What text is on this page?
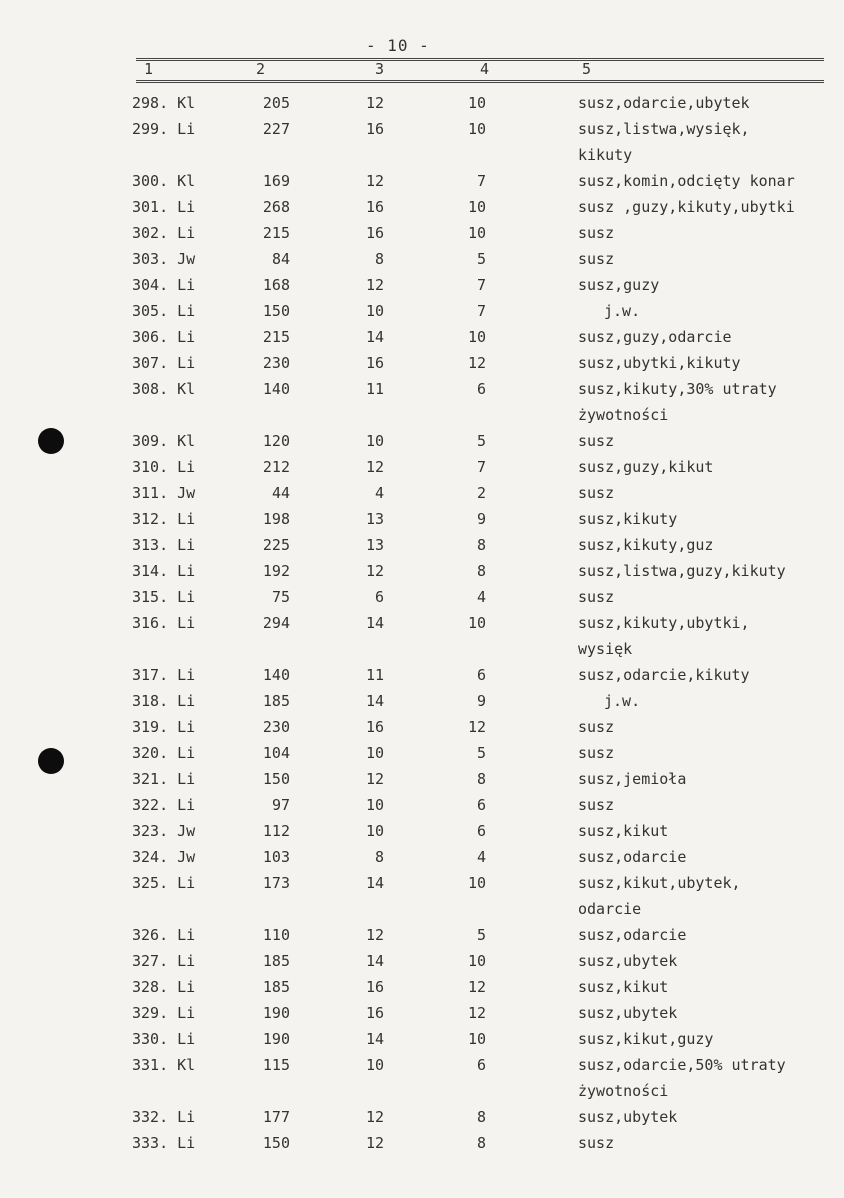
- 10 -
1	2	3	4	5
298. Kl	205	12	10	susz,odarcie,ubytek
299. Li	227	16	10	susz,listwa,wysięk,
kikuty
300. Kl	169	12	7	susz,komin,odcięty konar
301. Li	268	16	10	susz ,guzy,kikuty,ubytki
302. Li	215	16	10	susz
303. Jw	84	8	5	susz
304. Li	168	12	7	susz,guzy
305. Li	150	10	7	j.w.
306. Li	215	14	10	susz,guzy,odarcie
307. Li	230	16	12	susz,ubytki,kikuty
308. Kl	140	11	6	susz,kikuty,30% utraty
żywotności
309. Kl	120	10	5	susz
310. Li	212	12	7	susz,guzy,kikut
311. Jw	44	4	2	susz
312. Li	198	13	9	susz,kikuty
313. Li	225	13	8	susz,kikuty,guz
314. Li	192	12	8	susz,listwa,guzy,kikuty
315. Li	75	6	4	susz
316. Li	294	14	10	susz,kikuty,ubytki,
wysięk
317. Li	140	11	6	susz,odarcie,kikuty
318. Li	185	14	9	j.w.
319. Li	230	16	12	susz
320. Li	104	10	5	susz
321. Li	150	12	8	susz,jemioła
322. Li	97	10	6	susz
323. Jw	112	10	6	susz,kikut
324. Jw	103	8	4	susz,odarcie
325. Li	173	14	10	susz,kikut,ubytek,
odarcie
326. Li	110	12	5	susz,odarcie
327. Li	185	14	10	susz,ubytek
328. Li	185	16	12	susz,kikut
329. Li	190	16	12	susz,ubytek
330. Li	190	14	10	susz,kikut,guzy
331. Kl	115	10	6	susz,odarcie,50% utraty
żywotności
332. Li	177	12	8	susz,ubytek
333. Li	150	12	8	susz
